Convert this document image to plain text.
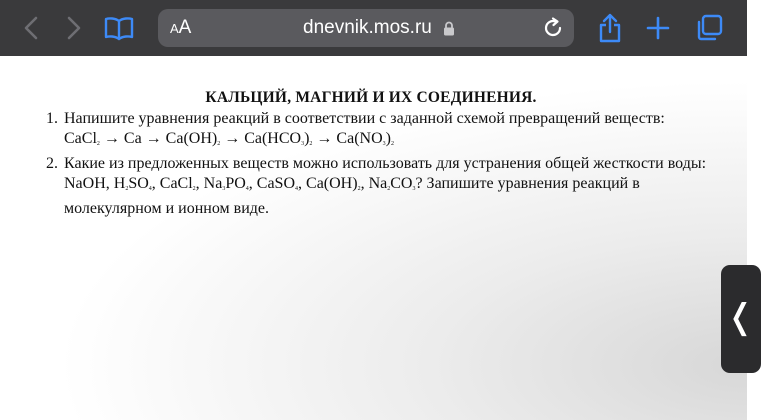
AA	dnevnik.mos.ru
КАЛЬЦИЙ, МАГНИЙ И ИХ СОЕДИНЕНИЯ.
1. Напишите уравнения реакций в соответствии с заданной схемой превращений веществ:
CaCl$_2$ → $Ca \to Ca(OH)_2 \to Ca(HCO_3)_2 \to Ca(NO_3)_2$
2. Какие из предложенных веществ можно использовать для устранения общей жесткости воды:
NaOH, $H_2SO_4$, CaCl$_2$, $Na_3PO_4$, CaSO$_4$, $Ca(OH)_2$, $Na_2CO_3$? Запишите уравнения реакций в молекулярном и ионном виде.
❬
